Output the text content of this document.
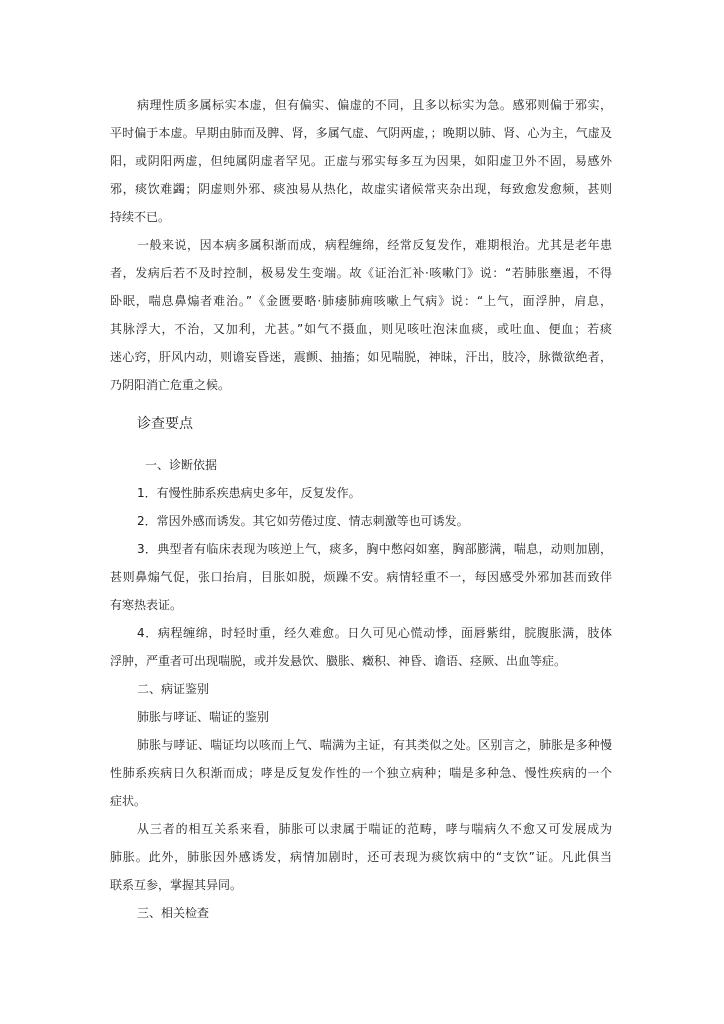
病理性质多属标实本虚，但有偏实、偏虚的不同，且多以标实为急。感邪则偏于邪实，
平时偏于本虚。早期由肺而及脾、肾，多属气虚、气阴两虚，；晚期以肺、肾、心为主，气虚及
阳，或阴阳两虚，但纯属阴虚者罕见。正虚与邪实每多互为因果，如阳虚卫外不固，易感外
邪，痰饮难蠲；阴虚则外邪、痰浊易从热化，故虚实诸候常夹杂出现，每致愈发愈频，甚则
持续不已。
一般来说，因本病多属积渐而成，病程缠绵，经常反复发作，难期根治。尤其是老年患
者，发病后若不及时控制，极易发生变端。故《证治汇补·咳嗽门》说：“若肺胀壅遏，不得
卧眠，喘息鼻煽者难治。”《金匮要略·肺痿肺痈咳嗽上气病》说：“上气，面浮肿，肩息，
其脉浮大，不治，又加利，尤甚。”如气不摄血，则见咳吐泡沫血痰，或吐血、便血；若痰
迷心窍，肝风内动，则谵妄昏迷，震颤、抽搐；如见喘脱，神昧，汗出，肢冷，脉微欲绝者，
乃阴阳消亡危重之候。
诊查要点
一、诊断依据
1．有慢性肺系疾患病史多年，反复发作。
2．常因外感而诱发。其它如劳倦过度、情志刺激等也可诱发。
3．典型者有临床表现为咳逆上气，痰多，胸中憋闷如塞，胸部膨满，喘息，动则加剧，
甚则鼻煽气促，张口抬肩，目胀如脱，烦躁不安。病情轻重不一，每因感受外邪加甚而致伴
有寒热表证。
4．病程缠绵，时轻时重，经久难愈。日久可见心慌动悸，面唇紫绀，脘腹胀满，肢体
浮肿，严重者可出现喘脱，或并发悬饮、臌胀、癥积、神昏、谵语、痉厥、出血等症。
二、病证鉴别
肺胀与哮证、喘证的鉴别
肺胀与哮证、喘证均以咳而上气、喘满为主证，有其类似之处。区别言之，肺胀是多种慢
性肺系疾病日久积渐而成；哮是反复发作性的一个独立病种；喘是多种急、慢性疾病的一个
症状。
从三者的相互关系来看，肺胀可以隶属于喘证的范畴，哮与喘病久不愈又可发展成为
肺胀。此外，肺胀因外感诱发，病情加剧时，还可表现为痰饮病中的“支饮”证。凡此俱当
联系互参，掌握其异同。
三、相关检查
